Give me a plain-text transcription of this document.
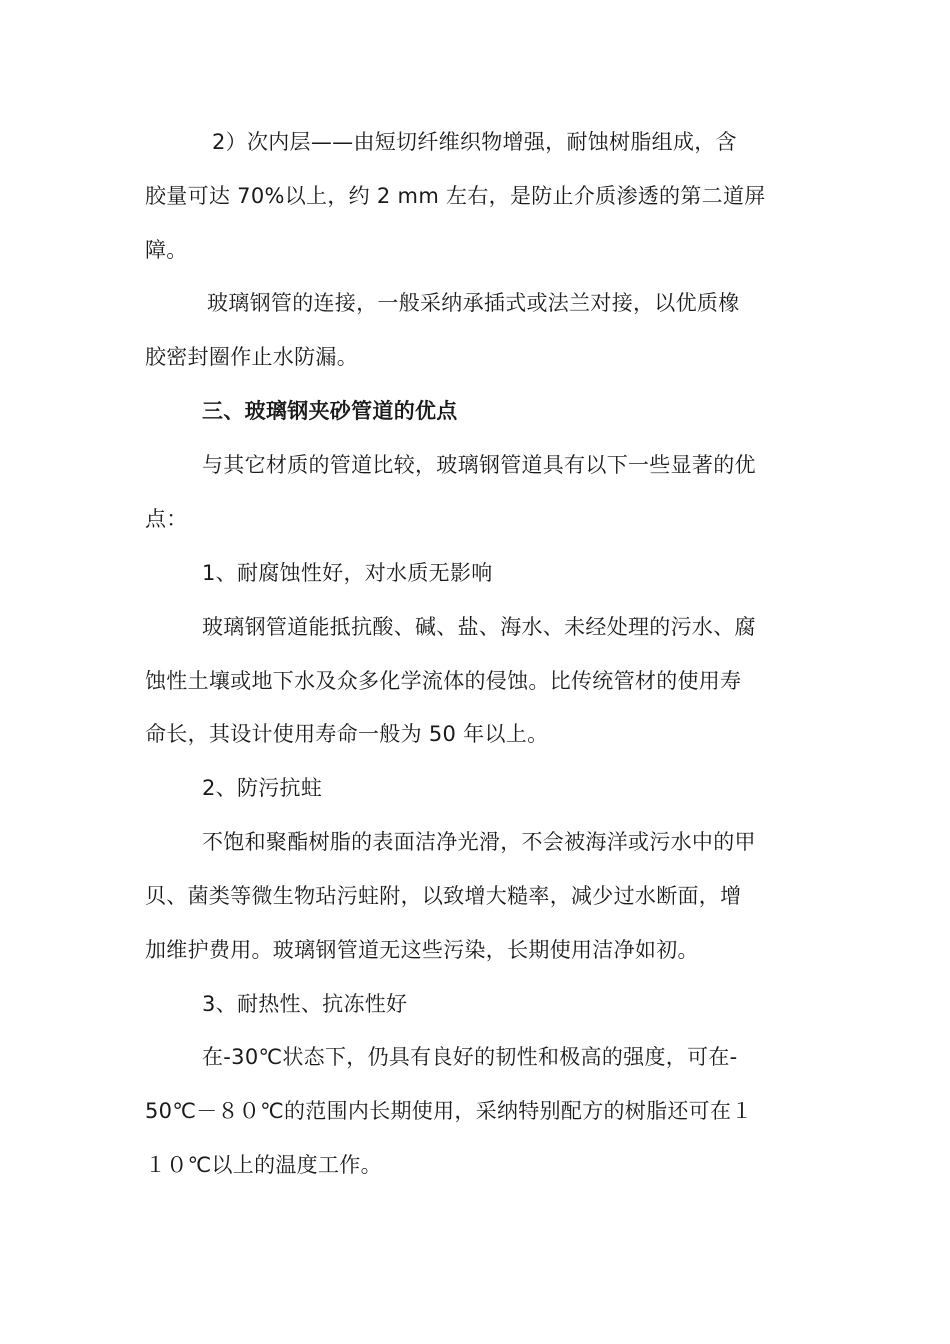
2）次内层——由短切纤维织物增强，耐蚀树脂组成，含
胶量可达 70%以上，约 2 mm 左右，是防止介质渗透的第二道屏
障。
玻璃钢管的连接，一般采纳承插式或法兰对接，以优质橡
胶密封圈作止水防漏。
三、玻璃钢夹砂管道的优点
与其它材质的管道比较，玻璃钢管道具有以下一些显著的优
点：
1、耐腐蚀性好，对水质无影响
玻璃钢管道能抵抗酸、碱、盐、海水、未经处理的污水、腐
蚀性土壤或地下水及众多化学流体的侵蚀。比传统管材的使用寿
命长，其设计使用寿命一般为 50 年以上。
2、防污抗蛀
不饱和聚酯树脂的表面洁净光滑，不会被海洋或污水中的甲
贝、菌类等微生物玷污蛀附，以致增大糙率，减少过水断面，增
加维护费用。玻璃钢管道无这些污染，长期使用洁净如初。
3、耐热性、抗冻性好
在-30℃状态下，仍具有良好的韧性和极高的强度，可在-
50℃－８０℃的范围内长期使用，采纳特别配方的树脂还可在１
１０℃以上的温度工作。
